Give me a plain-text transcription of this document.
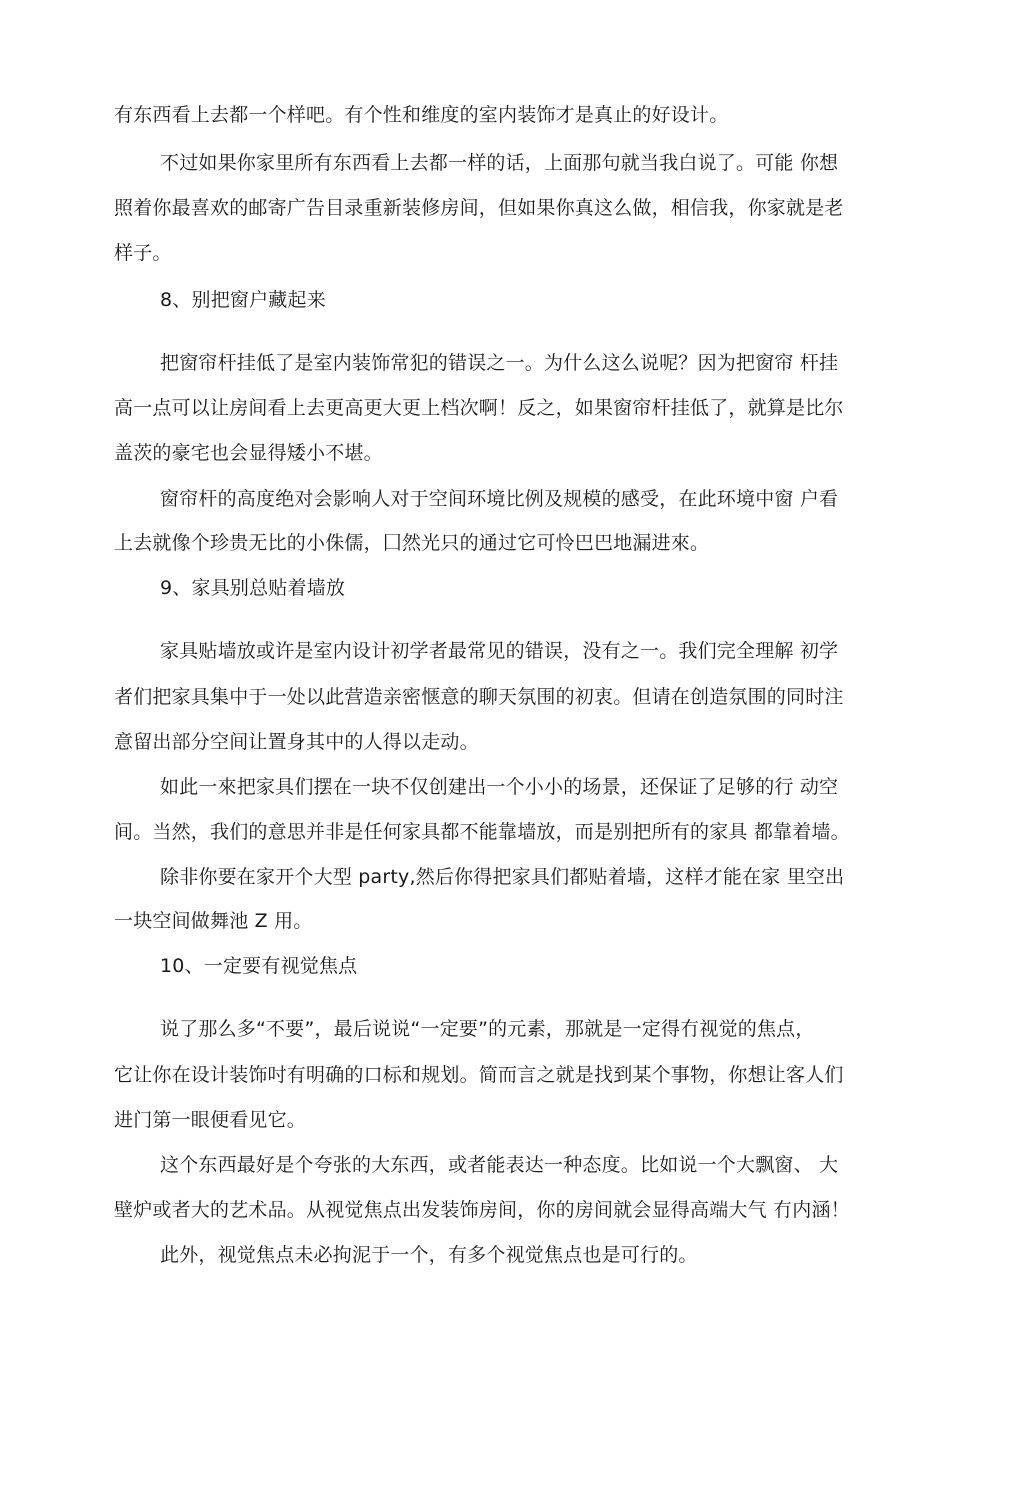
有东西看上去都一个样吧。有个性和维度的室内装饰才是真止的好设计。
不过如果你家里所有东西看上去都一样的话，上面那句就当我白说了。可能 你想
照着你最喜欢的邮寄广告目录重新装修房间，但如果你真这么做，相信我，你家就是老
样子。
8、别把窗户藏起来
把窗帘杆挂低了是室内装饰常犯的错误之一。为什么这么说呢？因为把窗帘 杆挂
高一点可以让房间看上去更高更大更上档次啊！反之，如果窗帘杆挂低了，就算是比尔
盖茨的豪宅也会显得矮小不堪。
窗帘杆的高度绝对会影响人对于空间环境比例及规模的感受，在此环境中窗 户看
上去就像个珍贵无比的小侏儒，囗然光只的通过它可怜巴巴地漏进來。
9、家具别总贴着墙放
家具贴墙放或许是室内设计初学者最常见的错误，没有之一。我们完全理解 初学
者们把家具集中于一处以此营造亲密惬意的聊天氛围的初衷。但请在创造氛围的同时注
意留出部分空间让置身其中的人得以走动。
如此一來把家具们摆在一块不仅创建出一个小小的场景，还保证了足够的行 动空
间。当然，我们的意思并非是任何家具都不能靠墙放，而是别把所有的家具 都靠着墙。
除非你要在家开个大型 party,然后你得把家具们都贴着墙，这样才能在家 里空出
一块空间做舞池 Z 用。
10、一定要有视觉焦点
说了那么多“不要”，最后说说“一定要”的元素，那就是一定得冇视觉的焦点，
它让你在设计装饰吋有明确的口标和规划。简而言之就是找到某个事物，你想让客人们
进门第一眼便看见它。
这个东西最好是个夸张的大东西，或者能表达一种态度。比如说一个大飘窗、 大
壁炉或者大的艺术品。从视觉焦点出发装饰房间，你的房间就会显得高端大气 冇内涵！
此外，视觉焦点未必拘泥于一个，有多个视觉焦点也是可行的。
